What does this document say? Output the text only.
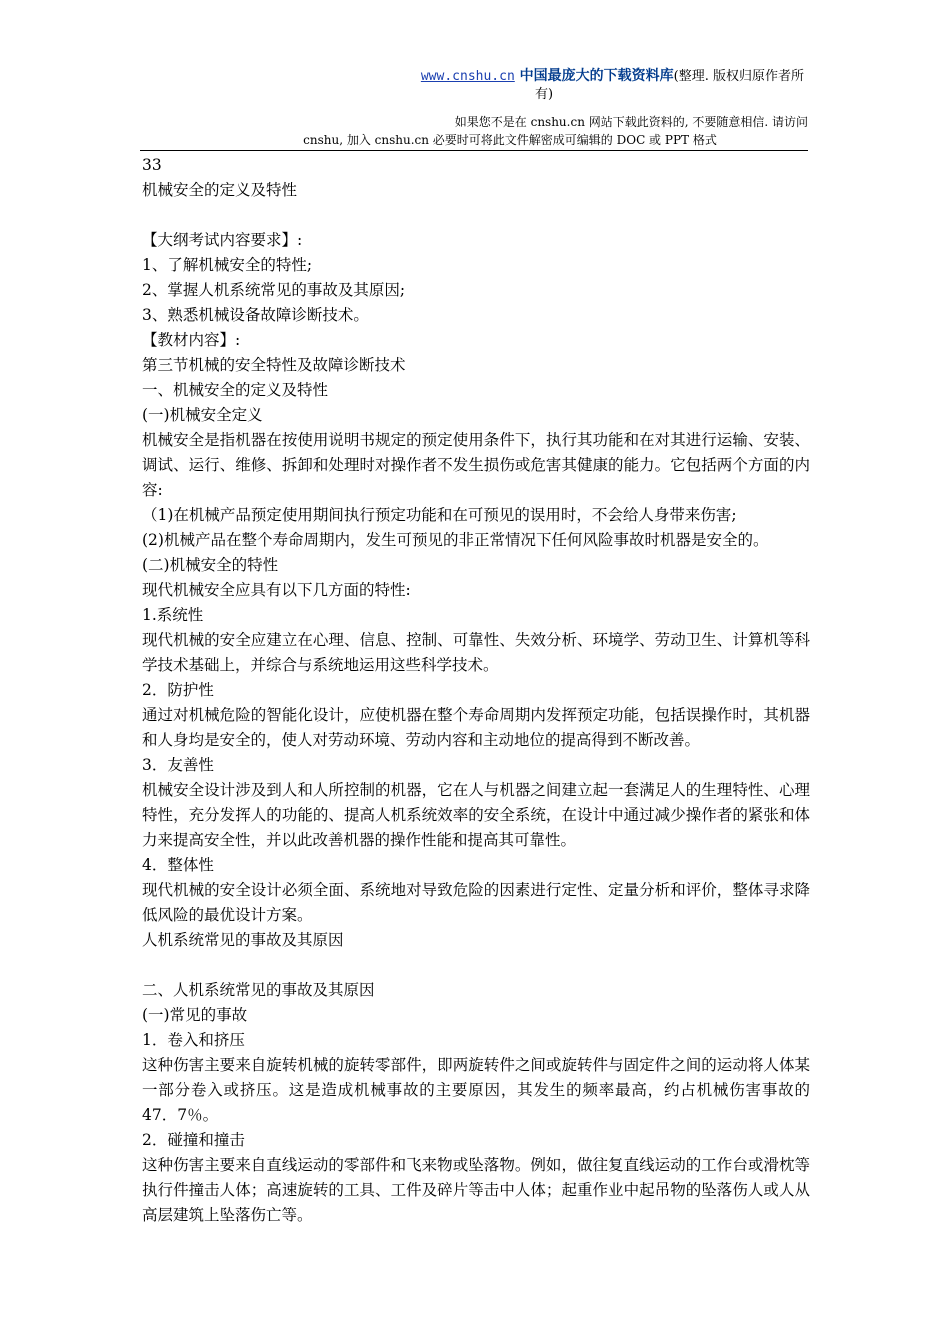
www.cnshu.cn 中国最庞大的下载资料库(整理. 版权归原作者所
有)
如果您不是在 cnshu.cn 网站下载此资料的, 不要随意相信. 请访问
cnshu, 加入 cnshu.cn 必要时可将此文件解密成可编辑的 DOC 或 PPT 格式

33

机械安全的定义及特性

【大纲考试内容要求】:

1、了解机械安全的特性;

2、掌握人机系统常见的事故及其原因;

3、熟悉机械设备故障诊断技术。

【教材内容】:

第三节机械的安全特性及故障诊断技术

一、机械安全的定义及特性

(一)机械安全定义

机械安全是指机器在按使用说明书规定的预定使用条件下，执行其功能和在对其进行运输、安装、调试、运行、维修、拆卸和处理时对操作者不发生损伤或危害其健康的能力。它包括两个方面的内容:

（1)在机械产品预定使用期间执行预定功能和在可预见的误用时，不会给人身带来伤害;

(2)机械产品在整个寿命周期内，发生可预见的非正常情况下任何风险事故时机器是安全的。

(二)机械安全的特性

现代机械安全应具有以下几方面的特性:

1.系统性

现代机械的安全应建立在心理、信息、控制、可靠性、失效分析、环境学、劳动卫生、计算机等科学技术基础上，并综合与系统地运用这些科学技术。

2．防护性

通过对机械危险的智能化设计，应使机器在整个寿命周期内发挥预定功能，包括误操作时，其机器和人身均是安全的，使人对劳动环境、劳动内容和主动地位的提高得到不断改善。

3．友善性

机械安全设计涉及到人和人所控制的机器，它在人与机器之间建立起一套满足人的生理特性、心理特性，充分发挥人的功能的、提高人机系统效率的安全系统，在设计中通过减少操作者的紧张和体力来提高安全性，并以此改善机器的操作性能和提高其可靠性。

4．整体性

现代机械的安全设计必须全面、系统地对导致危险的因素进行定性、定量分析和评价，整体寻求降低风险的最优设计方案。

人机系统常见的事故及其原因

二、人机系统常见的事故及其原因

(一)常见的事故

1．卷入和挤压

这种伤害主要来自旋转机械的旋转零部件，即两旋转件之间或旋转件与固定件之间的运动将人体某一部分卷入或挤压。这是造成机械事故的主要原因，其发生的频率最高，约占机械伤害事故的 47．7％。

2．碰撞和撞击

这种伤害主要来自直线运动的零部件和飞来物或坠落物。例如，做往复直线运动的工作台或滑枕等执行件撞击人体；高速旋转的工具、工件及碎片等击中人体；起重作业中起吊物的坠落伤人或人从高层建筑上坠落伤亡等。
